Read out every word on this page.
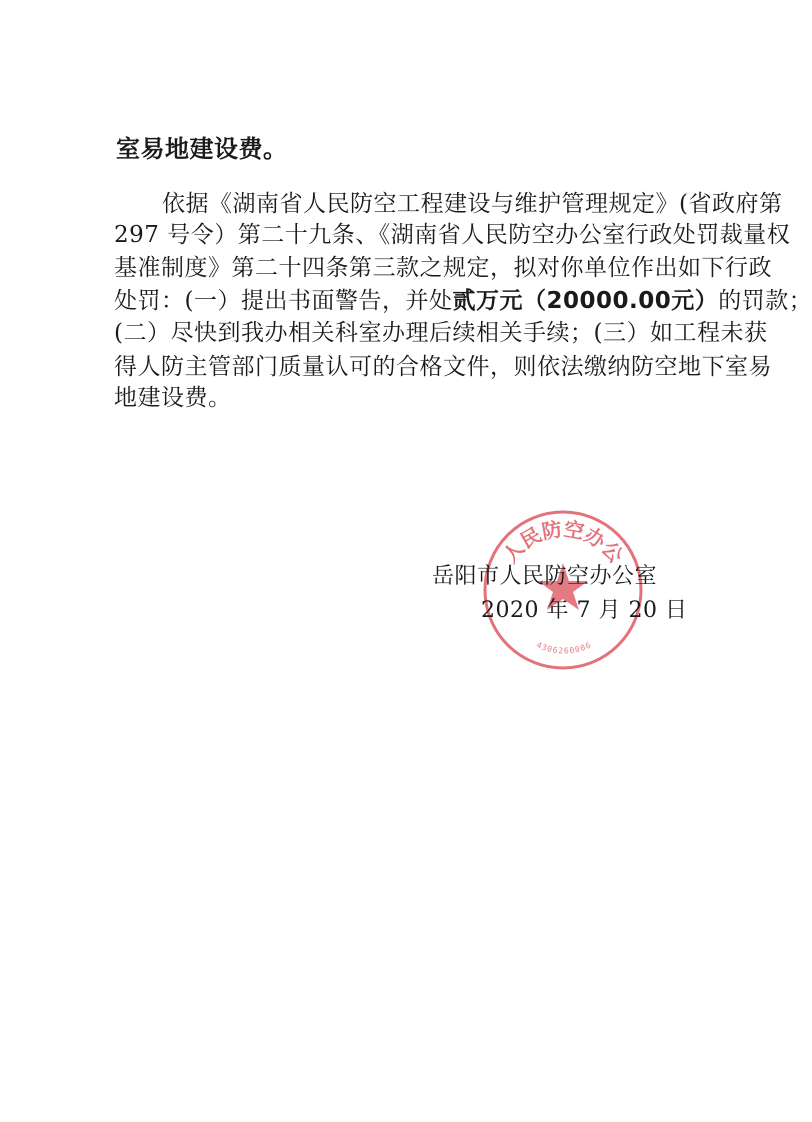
室易地建设费。
依据《湖南省人民防空工程建设与维护管理规定》(省政府第
297 号令）第二十九条、《湖南省人民防空办公室行政处罚裁量权
基准制度》第二十四条第三款之规定，拟对你单位作出如下行政
处罚：(一）提出书面警告，并处贰万元（20000.00元）的罚款；
(二）尽快到我办相关科室办理后续相关手续；(三）如工程未获
得人防主管部门质量认可的合格文件，则依法缴纳防空地下室易
地建设费。
人民防空办公
4306260006
岳阳市人民防空办公室
2020 年 7 月 20 日
